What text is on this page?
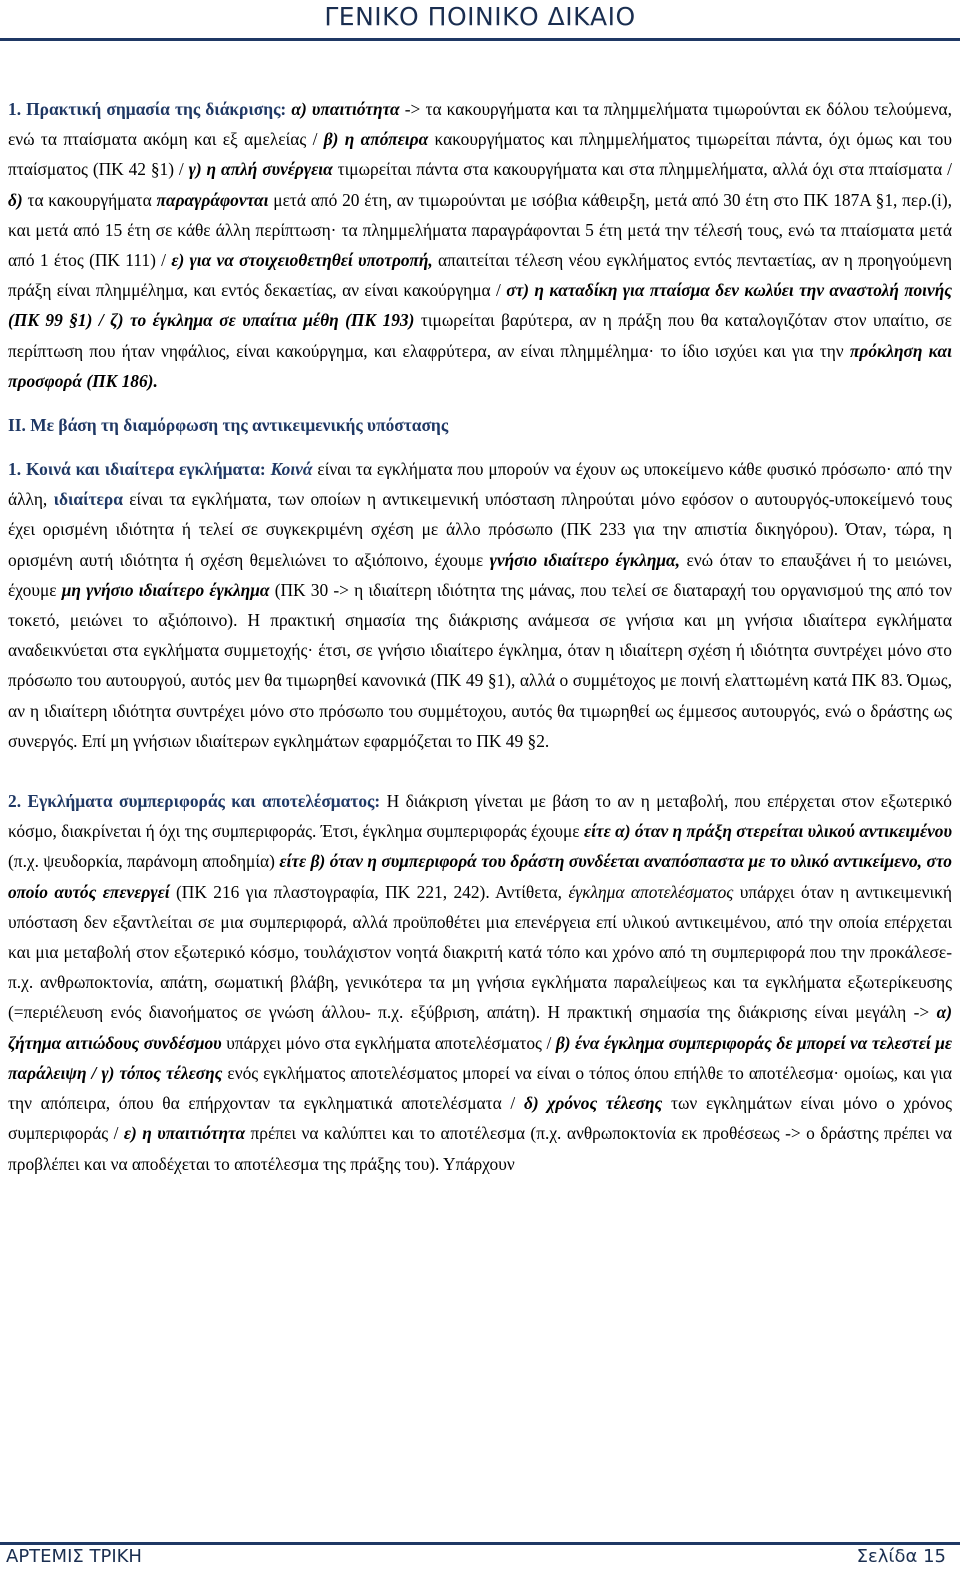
ΓΕΝΙΚΟ ΠΟΙΝΙΚΟ ΔΙΚΑΙΟ

1. Πρακτική σημασία της διάκρισης: α) υπαιτιότητα -> τα κακουργήματα και τα πλημμελήματα τιμωρούνται εκ δόλου τελούμενα, ενώ τα πταίσματα ακόμη και εξ αμελείας / β) η απόπειρα κακουργήματος και πλημμελήματος τιμωρείται πάντα, όχι όμως και του πταίσματος (ΠΚ 42 §1) / γ) η απλή συνέργεια τιμωρείται πάντα στα κακουργήματα και στα πλημμελήματα, αλλά όχι στα πταίσματα / δ) τα κακουργήματα παραγράφονται μετά από 20 έτη, αν τιμωρούνται με ισόβια κάθειρξη, μετά από 30 έτη στο ΠΚ 187Α §1, περ.(i), και μετά από 15 έτη σε κάθε άλλη περίπτωση· τα πλημμελήματα παραγράφονται 5 έτη μετά την τέλεσή τους, ενώ τα πταίσματα μετά από 1 έτος (ΠΚ 111) / ε) για να στοιχειοθετηθεί υποτροπή, απαιτείται τέλεση νέου εγκλήματος εντός πενταετίας, αν η προηγούμενη πράξη είναι πλημμέλημα, και εντός δεκαετίας, αν είναι κακούργημα / στ) η καταδίκη για πταίσμα δεν κωλύει την αναστολή ποινής (ΠΚ 99 §1) / ζ) το έγκλημα σε υπαίτια μέθη (ΠΚ 193) τιμωρείται βαρύτερα, αν η πράξη που θα καταλογιζόταν στον υπαίτιο, σε περίπτωση που ήταν νηφάλιος, είναι κακούργημα, και ελαφρύτερα, αν είναι πλημμέλημα· το ίδιο ισχύει και για την πρόκληση και προσφορά (ΠΚ 186).

ΙΙ. Με βάση τη διαμόρφωση της αντικειμενικής υπόστασης

1. Κοινά και ιδιαίτερα εγκλήματα: Κοινά είναι τα εγκλήματα που μπορούν να έχουν ως υποκείμενο κάθε φυσικό πρόσωπο· από την άλλη, ιδιαίτερα είναι τα εγκλήματα, των οποίων η αντικειμενική υπόσταση πληρούται μόνο εφόσον ο αυτουργός-υποκείμενό τους έχει ορισμένη ιδιότητα ή τελεί σε συγκεκριμένη σχέση με άλλο πρόσωπο (ΠΚ 233 για την απιστία δικηγόρου). Όταν, τώρα, η ορισμένη αυτή ιδιότητα ή σχέση θεμελιώνει το αξιόποινο, έχουμε γνήσιο ιδιαίτερο έγκλημα, ενώ όταν το επαυξάνει ή το μειώνει, έχουμε μη γνήσιο ιδιαίτερο έγκλημα (ΠΚ 30 -> η ιδιαίτερη ιδιότητα της μάνας, που τελεί σε διαταραχή του οργανισμού της από τον τοκετό, μειώνει το αξιόποινο). Η πρακτική σημασία της διάκρισης ανάμεσα σε γνήσια και μη γνήσια ιδιαίτερα εγκλήματα αναδεικνύεται στα εγκλήματα συμμετοχής· έτσι, σε γνήσιο ιδιαίτερο έγκλημα, όταν η ιδιαίτερη σχέση ή ιδιότητα συντρέχει μόνο στο πρόσωπο του αυτουργού, αυτός μεν θα τιμωρηθεί κανονικά (ΠΚ 49 §1), αλλά ο συμμέτοχος με ποινή ελαττωμένη κατά ΠΚ 83. Όμως, αν η ιδιαίτερη ιδιότητα συντρέχει μόνο στο πρόσωπο του συμμέτοχου, αυτός θα τιμωρηθεί ως έμμεσος αυτουργός, ενώ ο δράστης ως συνεργός. Επί μη γνήσιων ιδιαίτερων εγκλημάτων εφαρμόζεται το ΠΚ 49 §2.

2. Εγκλήματα συμπεριφοράς και αποτελέσματος: Η διάκριση γίνεται με βάση το αν η μεταβολή, που επέρχεται στον εξωτερικό κόσμο, διακρίνεται ή όχι της συμπεριφοράς. Έτσι, έγκλημα συμπεριφοράς έχουμε είτε α) όταν η πράξη στερείται υλικού αντικειμένου (π.χ. ψευδορκία, παράνομη αποδημία) είτε β) όταν η συμπεριφορά του δράστη συνδέεται αναπόσπαστα με το υλικό αντικείμενο, στο οποίο αυτός επενεργεί (ΠΚ 216 για πλαστογραφία, ΠΚ 221, 242). Αντίθετα, έγκλημα αποτελέσματος υπάρχει όταν η αντικειμενική υπόσταση δεν εξαντλείται σε μια συμπεριφορά, αλλά προϋποθέτει μια επενέργεια επί υλικού αντικειμένου, από την οποία επέρχεται και μια μεταβολή στον εξωτερικό κόσμο, τουλάχιστον νοητά διακριτή κατά τόπο και χρόνο από τη συμπεριφορά που την προκάλεσε- π.χ. ανθρωποκτονία, απάτη, σωματική βλάβη, γενικότερα τα μη γνήσια εγκλήματα παραλείψεως και τα εγκλήματα εξωτερίκευσης (=περιέλευση ενός διανοήματος σε γνώση άλλου- π.χ. εξύβριση, απάτη). Η πρακτική σημασία της διάκρισης είναι μεγάλη -> α) ζήτημα αιτιώδους συνδέσμου υπάρχει μόνο στα εγκλήματα αποτελέσματος / β) ένα έγκλημα συμπεριφοράς δε μπορεί να τελεστεί με παράλειψη / γ) τόπος τέλεσης ενός εγκλήματος αποτελέσματος μπορεί να είναι ο τόπος όπου επήλθε το αποτέλεσμα· ομοίως, και για την απόπειρα, όπου θα επήρχονταν τα εγκληματικά αποτελέσματα / δ) χρόνος τέλεσης των εγκλημάτων είναι μόνο ο χρόνος συμπεριφοράς / ε) η υπαιτιότητα πρέπει να καλύπτει και το αποτέλεσμα (π.χ. ανθρωποκτονία εκ προθέσεως -> ο δράστης πρέπει να προβλέπει και να αποδέχεται το αποτέλεσμα της πράξης του). Υπάρχουν

ΑΡΤΕΜΙΣ ΤΡΙΚΗ	Σελίδα 15
